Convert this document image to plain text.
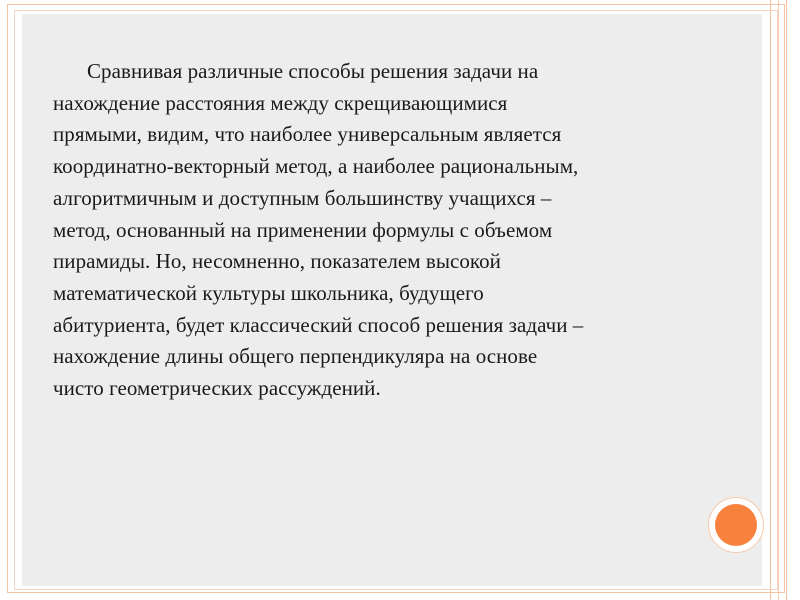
Сравнивая различные способы решения задачи на
нахождение расстояния между скрещивающимися
прямыми, видим, что наиболее универсальным является
координатно-векторный метод, а наиболее рациональным,
алгоритмичным и доступным большинству учащихся –
метод, основанный на применении формулы с объемом
пирамиды. Но, несомненно, показателем высокой
математической культуры школьника, будущего
абитуриента, будет классический способ решения задачи –
нахождение длины общего перпендикуляра на основе
чисто геометрических рассуждений.
